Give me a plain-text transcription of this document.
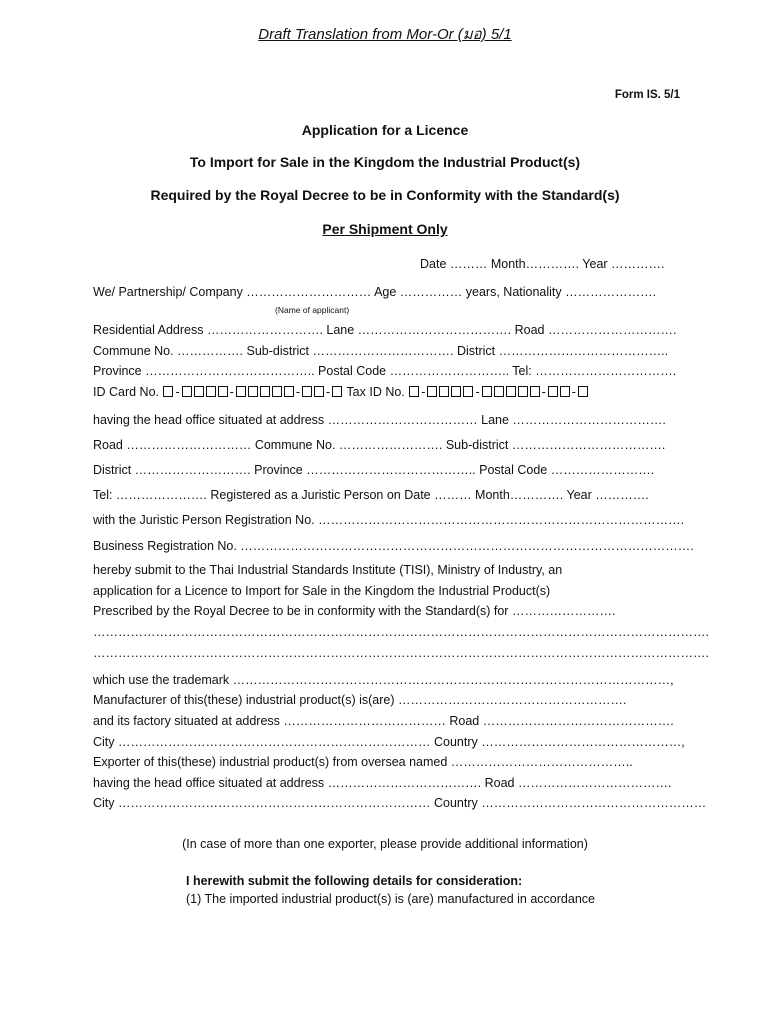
Draft Translation from Mor-Or (มอ) 5/1
Form IS. 5/1
Application for a Licence
To Import for Sale in the Kingdom the Industrial Product(s)
Required by the Royal Decree to be in Conformity with the Standard(s)
Per Shipment Only
Date ……… Month…………. Year ………….
We/ Partnership/ Company ………………………… Age …………… years, Nationality ………………….
(Name of applicant)
Residential Address ………………………. Lane ………………………………. Road ………………………….
Commune No. ……………. Sub-district ……………………………. District …………………………………..
Province ………………………………….. Postal Code ……………………….. Tel: …………………………….
ID Card No. -	-	- - Tax ID No. -	-	- -
having the head office situated at address ……………………………… Lane ……………………………….
Road ………………………… Commune No. ……………………. Sub-district ……………………………….
District ………………………. Province ………………………………….. Postal Code …………………….
Tel: …………………. Registered as a Juristic Person on Date ……… Month…………. Year ………….
with the Juristic Person Registration No. …………………………………………………………………………….
Business Registration No. ……………………………………………………………………………………………….
hereby submit to the Thai Industrial Standards Institute (TISI), Ministry of Industry, an
application for a Licence to Import for Sale in the Kingdom the Industrial Product(s)
Prescribed by the Royal Decree to be in conformity with the Standard(s) for …………………….
………………………………………………………………………………………………………………………………….
………………………………………………………………………………………………………………………………….
which use the trademark ……………………………………………………………………………………………,
Manufacturer of this(these) industrial product(s) is(are) ……………………………………………….
and its factory situated at address ………………………………… Road ……………………………………….
City ………………………………………………………………… Country …………………………………………,
Exporter of this(these) industrial product(s) from oversea named ……………………………………..
having the head office situated at address ………………………………. Road ……………………………….
City ………………………………………………………………… Country ………………………………………………
(In case of more than one exporter, please provide additional information)
I herewith submit the following details for consideration:
(1) The imported industrial product(s) is (are) manufactured in accordance
